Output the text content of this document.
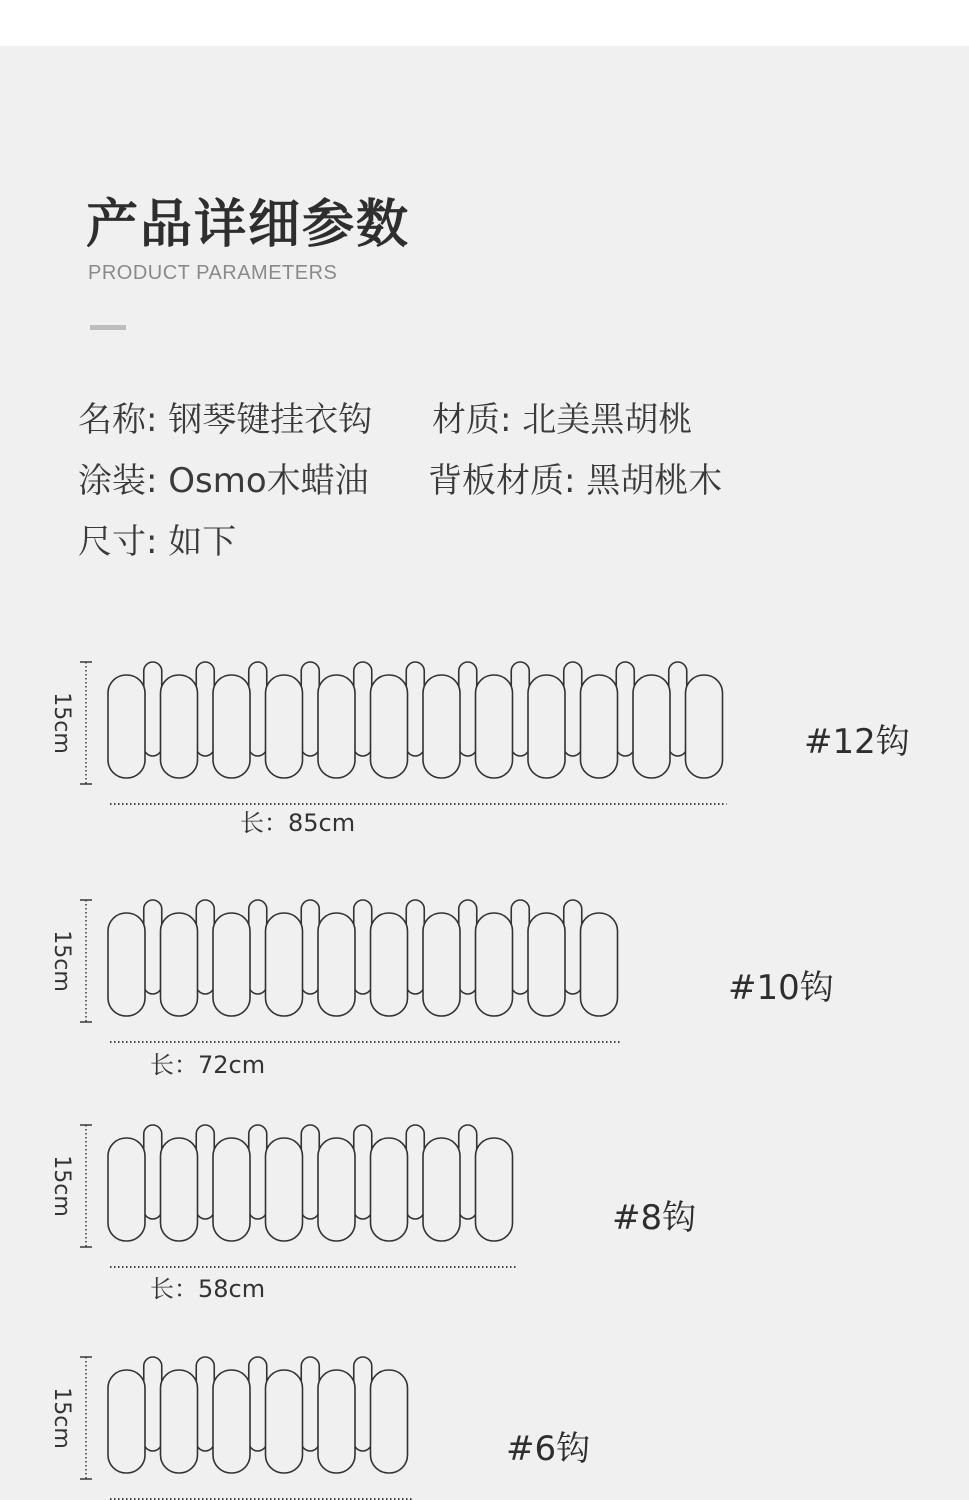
产品详细参数
PRODUCT PARAMETERS
名称: 钢琴键挂衣钩 材质: 北美黑胡桃
涂装: Osmo木蜡油 背板材质: 黑胡桃木
尺寸: 如下
15cm
长：85cm
#12钩
15cm
长：72cm
#10钩
15cm
长：58cm
#8钩
15cm
#6钩
